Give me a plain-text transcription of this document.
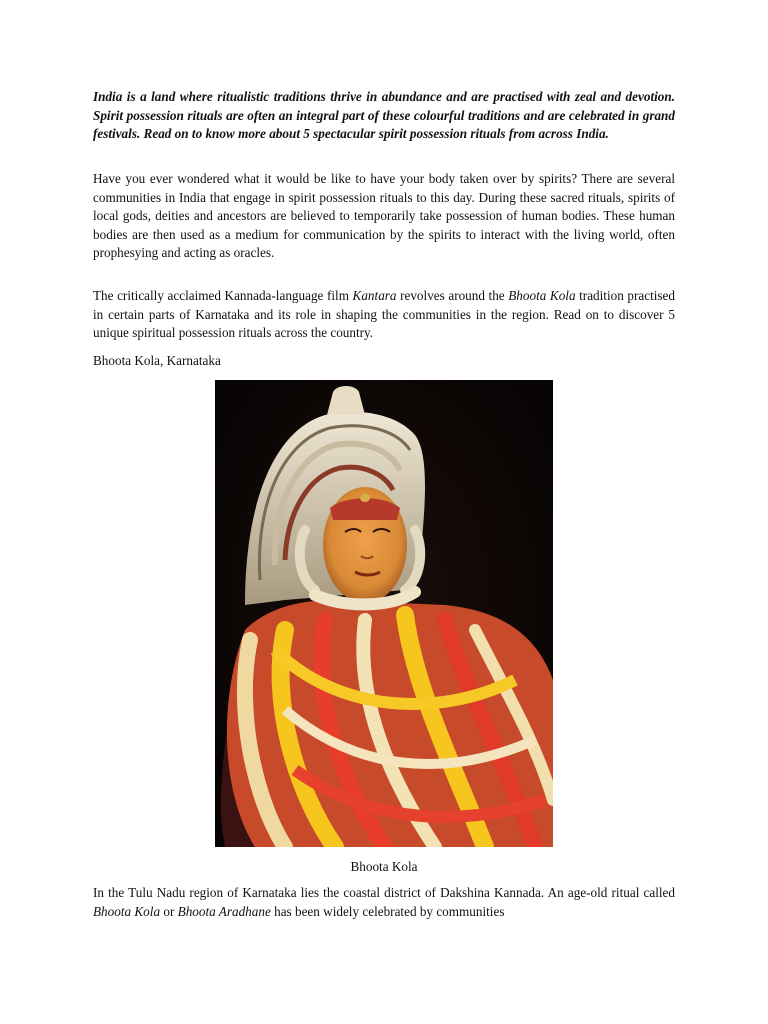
India is a land where ritualistic traditions thrive in abundance and are practised with zeal and devotion. Spirit possession rituals are often an integral part of these colourful traditions and are celebrated in grand festivals. Read on to know more about 5 spectacular spirit possession rituals from across India.

Have you ever wondered what it would be like to have your body taken over by spirits? There are several communities in India that engage in spirit possession rituals to this day. During these sacred rituals, spirits of local gods, deities and ancestors are believed to temporarily take possession of human bodies. These human bodies are then used as a medium for communication by the spirits to interact with the living world, often prophesying and acting as oracles.

The critically acclaimed Kannada-language film Kantara revolves around the Bhoota Kola tradition practised in certain parts of Karnataka and its role in shaping the communities in the region. Read on to discover 5 unique spiritual possession rituals across the country.

Bhoota Kola, Karnataka

Bhoota Kola

In the Tulu Nadu region of Karnataka lies the coastal district of Dakshina Kannada. An age-old ritual called Bhoota Kola or Bhoota Aradhane has been widely celebrated by communities
